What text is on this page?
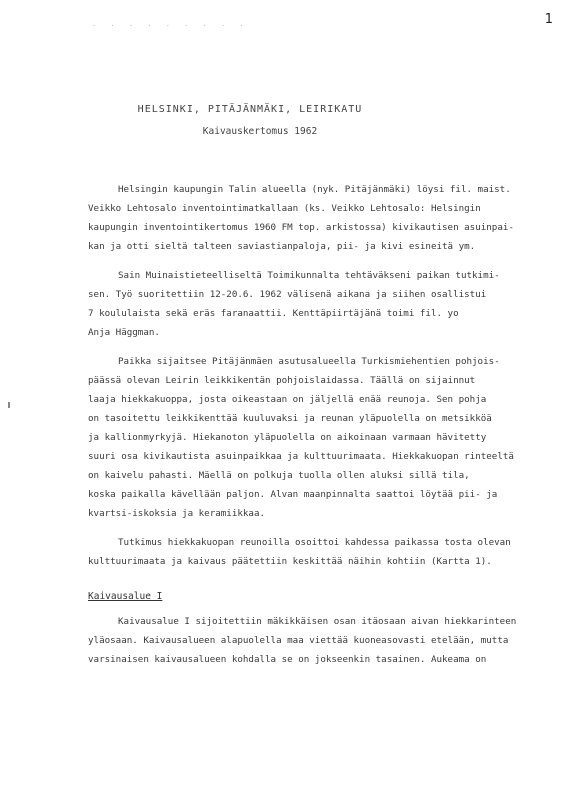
· · · · · · · · ·	1
HELSINKI, PITÄJÄNMÄKI, LEIRIKATU
Kaivauskertomus 1962
Helsingin kaupungin Talin alueella (nyk. Pitäjänmäki) löysi fil. maist.
Veikko Lehtosalo inventointimatkallaan (ks. Veikko Lehtosalo: Helsingin
kaupungin inventointikertomus 1960 FM top. arkistossa) kivikautisen asuinpai-
kan ja otti sieltä talteen saviastianpaloja, pii- ja kivi esineitä ym.
Sain Muinaistieteelliseltä Toimikunnalta tehtäväkseni paikan tutkimi-
sen. Työ suoritettiin 12-20.6. 1962 välisenä aikana ja siihen osallistui
7 koululaista sekä eräs faranaattii. Kenttäpiirtäjänä toimi fil. yo
Anja Häggman.
Paikka sijaitsee Pitäjänmäen asutusalueella Turkismiehentien pohjois-
päässä olevan Leirin leikkikentän pohjoislaidassa. Täällä on sijainnut
laaja hiekkakuoppa, josta oikeastaan on jäljellä enää reunoja. Sen pohja
on tasoitettu leikkikenttää kuuluvaksi ja reunan yläpuolella on metsikköä
ja kallionmyrkyjä. Hiekanoton yläpuolella on aikoinaan varmaan hävitetty
suuri osa kivikautista asuinpaikkaa ja kulttuurimaata. Hiekkakuopan rinteeltä
on kaivelu pahasti. Mäellä on polkuja tuolla ollen aluksi sillä tila,
koska paikalla kävellään paljon. Alvan maanpinnalta saattoi löytää pii- ja
kvartsi-iskoksia ja keramiikkaa.
Tutkimus hiekkakuopan reunoilla osoittoi kahdessa paikassa tosta olevan
kulttuurimaata ja kaivaus päätettiin keskittää näihin kohtiin (Kartta 1).
Kaivausalue I
Kaivausalue I sijoitettiin mäkikkäisen osan itäosaan aivan hiekkarinteen
yläosaan. Kaivausalueen alapuolella maa viettää kuoneasovasti etelään, mutta
varsinaisen kaivausalueen kohdalla se on jokseenkin tasainen. Aukeama on
